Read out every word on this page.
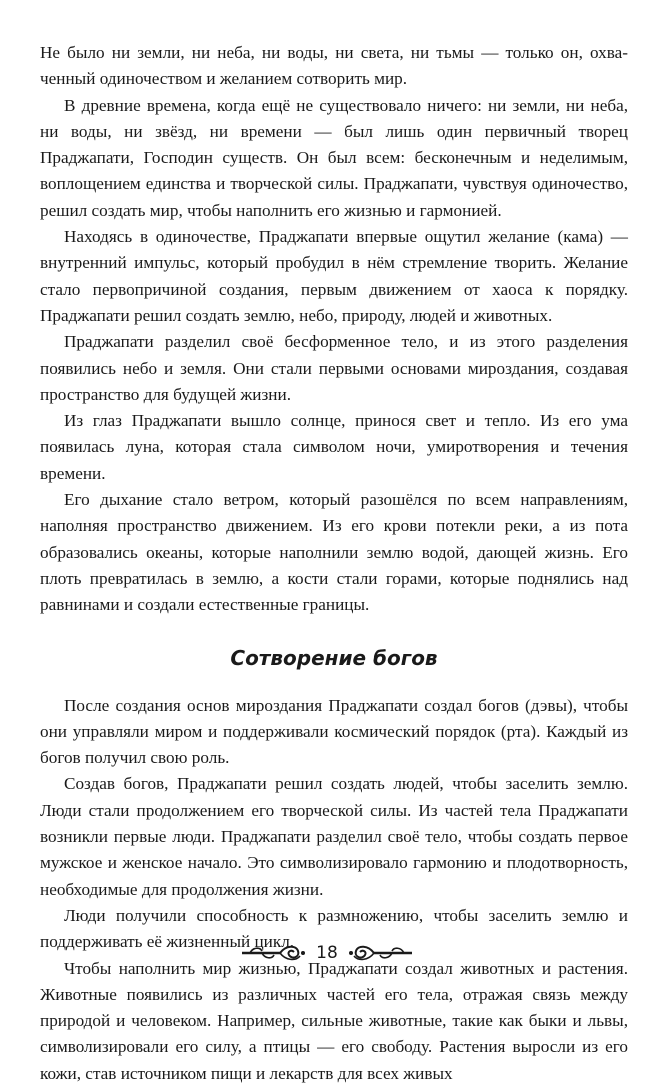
Не было ни земли, ни неба, ни воды, ни света, ни тьмы — только он, охваченный одиночеством и желанием сотворить мир.

В древние времена, когда ещё не существовало ничего: ни земли, ни неба, ни воды, ни звёзд, ни времени — был лишь один первичный творец Праджапати, Господин существ. Он был всем: бесконечным и неделимым, воплощением единства и творческой силы. Праджапати, чувствуя одиночество, решил создать мир, чтобы наполнить его жизнью и гармонией.

Находясь в одиночестве, Праджапати впервые ощутил желание (кама) — внутренний импульс, который пробудил в нём стремление творить. Желание стало первопричиной создания, первым движением от хаоса к порядку. Праджапати решил создать землю, небо, природу, людей и животных.

Праджапати разделил своё бесформенное тело, и из этого разделения появились небо и земля. Они стали первыми основами мироздания, создавая пространство для будущей жизни.

Из глаз Праджапати вышло солнце, принося свет и тепло. Из его ума появилась луна, которая стала символом ночи, умиротворения и течения времени.

Его дыхание стало ветром, который разошёлся по всем направлениям, наполняя пространство движением. Из его крови потекли реки, а из пота образовались океаны, которые наполнили землю водой, дающей жизнь. Его плоть превратилась в землю, а кости стали горами, которые поднялись над равнинами и создали естественные границы.

Сотворение богов

После создания основ мироздания Праджапати создал богов (дэвы), чтобы они управляли миром и поддерживали космический порядок (рта). Каждый из богов получил свою роль.

Создав богов, Праджапати решил создать людей, чтобы заселить землю. Люди стали продолжением его творческой силы. Из частей тела Праджапати возникли первые люди. Праджапати разделил своё тело, чтобы создать первое мужское и женское начало. Это символизировало гармонию и плодотворность, необходимые для продолжения жизни.

Люди получили способность к размножению, чтобы заселить землю и поддерживать её жизненный цикл.

Чтобы наполнить мир жизнью, Праджапати создал животных и растения. Животные появились из различных частей его тела, отражая связь между природой и человеком. Например, сильные животные, такие как быки и львы, символизировали его силу, а птицы — его свободу. Растения выросли из его кожи, став источником пищи и лекарств для всех живых

18
